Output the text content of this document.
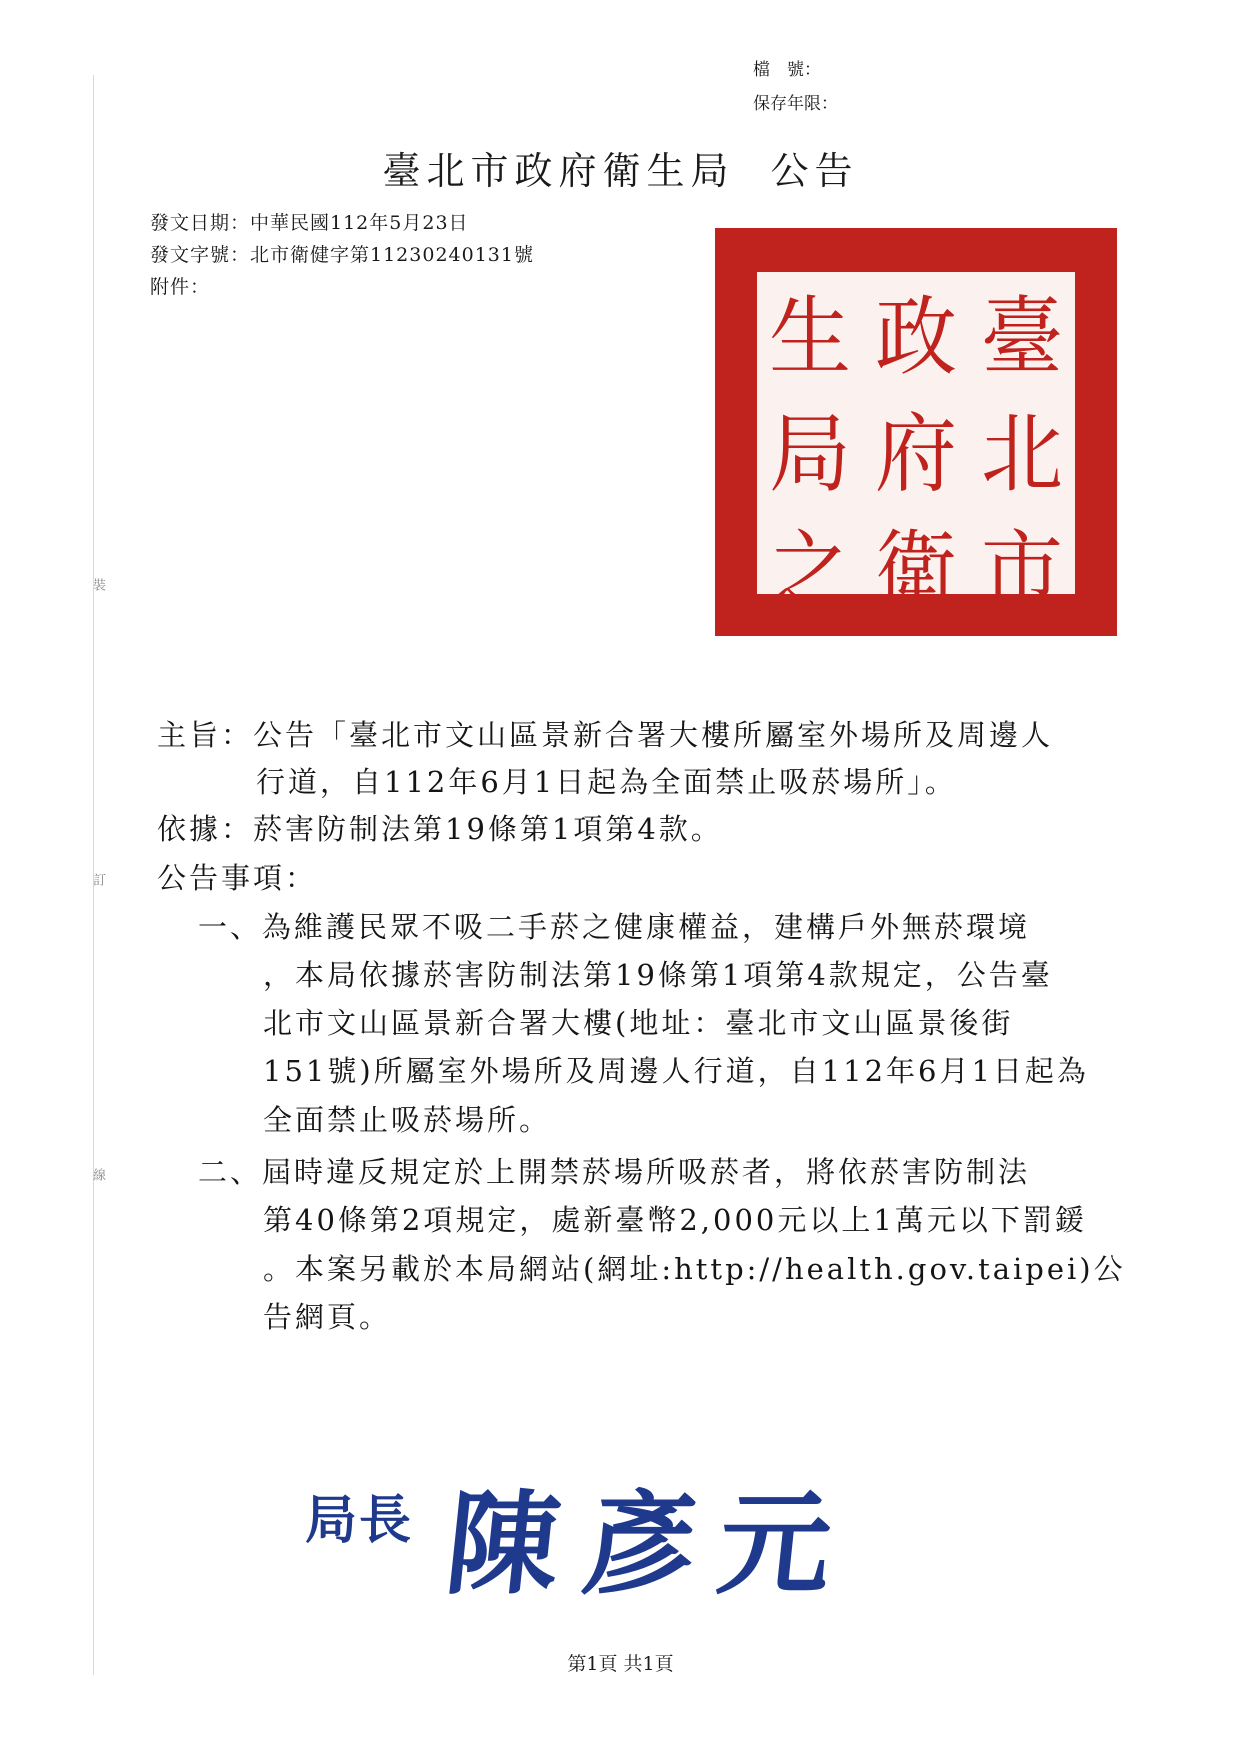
裝
訂
線
檔　號：
保存年限：
臺北市政府衛生局 公告
發文日期：中華民國112年5月23日
發文字號：北市衛健字第11230240131號
附件：
生 政 臺
局 府 北
之 衛 市
主旨：公告「臺北市文山區景新合署大樓所屬室外場所及周邊人
行道，自112年6月1日起為全面禁止吸菸場所」。
依據：菸害防制法第19條第1項第4款。
公告事項：
一、為維護民眾不吸二手菸之健康權益，建構戶外無菸環境
，本局依據菸害防制法第19條第1項第4款規定，公告臺
北市文山區景新合署大樓(地址：臺北市文山區景後街
151號)所屬室外場所及周邊人行道，自112年6月1日起為
全面禁止吸菸場所。
二、屆時違反規定於上開禁菸場所吸菸者，將依菸害防制法
第40條第2項規定，處新臺幣2,000元以上1萬元以下罰鍰
。本案另載於本局網站(網址:http://health.gov.taipei)公
告網頁。
局長 陳彥元
第1頁 共1頁
